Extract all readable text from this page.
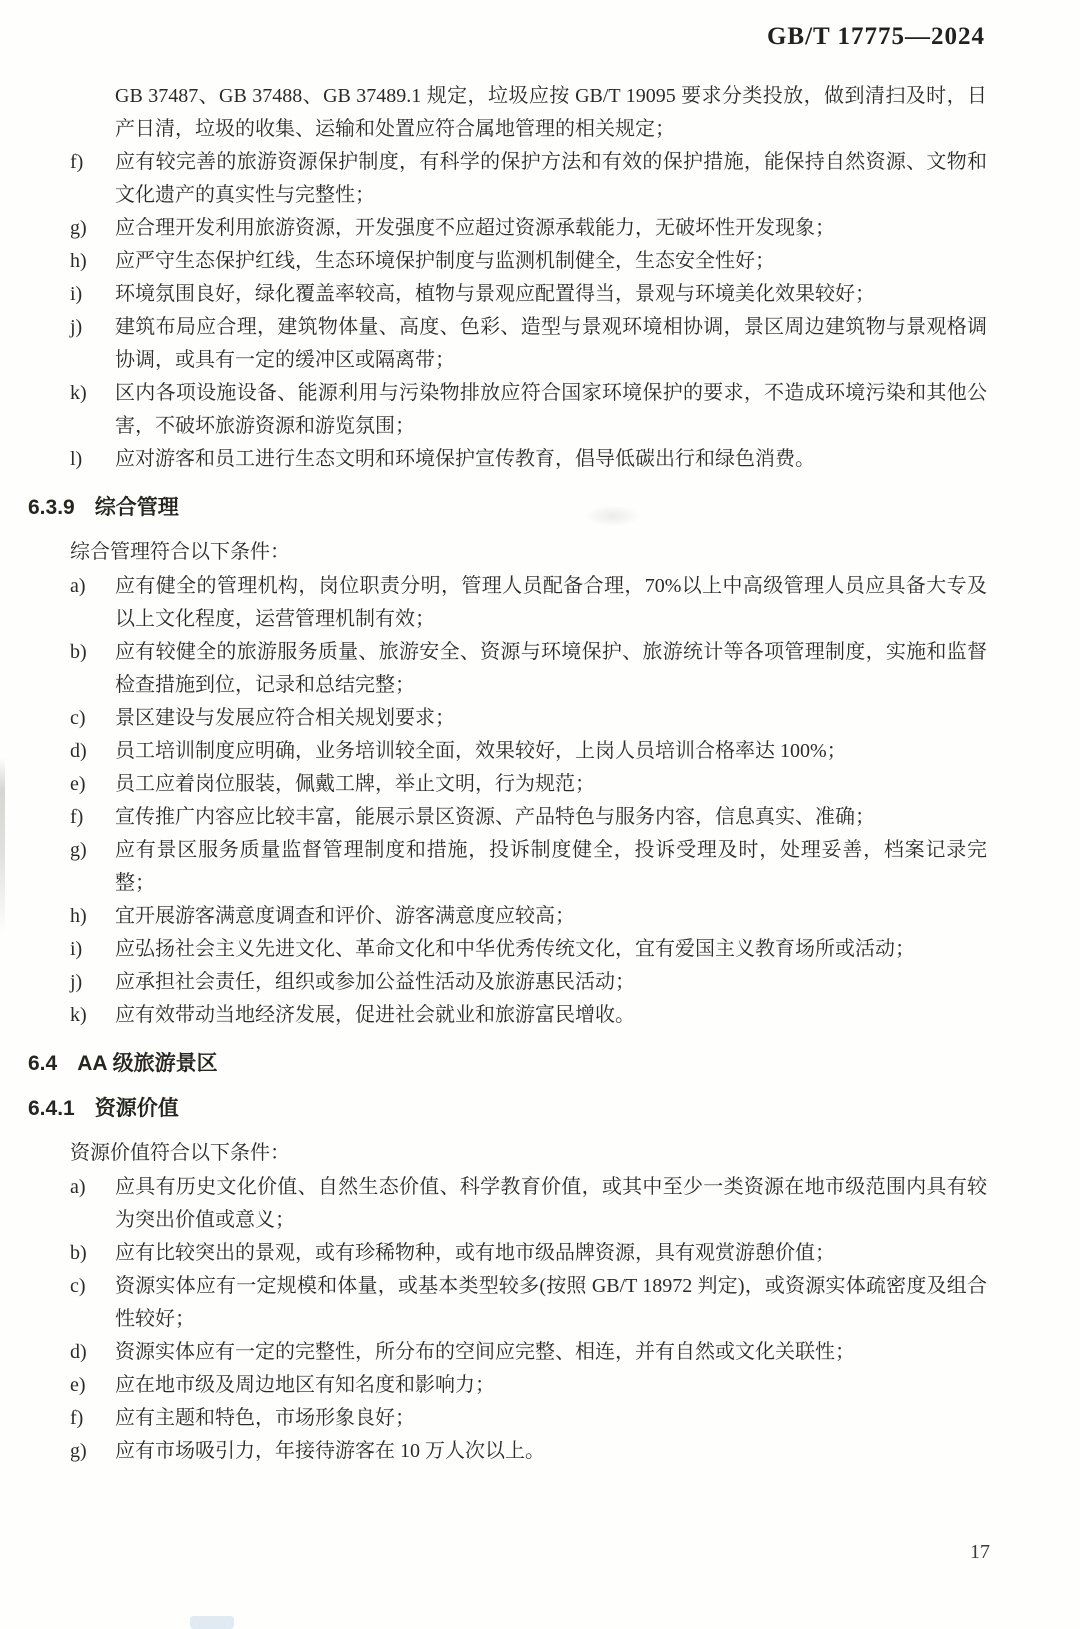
GB/T 17775—2024

GB 37487、GB 37488、GB 37489.1 规定，垃圾应按 GB/T 19095 要求分类投放，做到清扫及时，日产日清，垃圾的收集、运输和处置应符合属地管理的相关规定；

f)	应有较完善的旅游资源保护制度，有科学的保护方法和有效的保护措施，能保持自然资源、文物和文化遗产的真实性与完整性；
g)	应合理开发利用旅游资源，开发强度不应超过资源承载能力，无破坏性开发现象；
h)	应严守生态保护红线，生态环境保护制度与监测机制健全，生态安全性好；
i)	环境氛围良好，绿化覆盖率较高，植物与景观应配置得当，景观与环境美化效果较好；
j)	建筑布局应合理，建筑物体量、高度、色彩、造型与景观环境相协调，景区周边建筑物与景观格调协调，或具有一定的缓冲区或隔离带；
k)	区内各项设施设备、能源利用与污染物排放应符合国家环境保护的要求，不造成环境污染和其他公害，不破坏旅游资源和游览氛围；
l)	应对游客和员工进行生态文明和环境保护宣传教育，倡导低碳出行和绿色消费。
6.3.9 综合管理

综合管理符合以下条件：

a)	应有健全的管理机构，岗位职责分明，管理人员配备合理，70%以上中高级管理人员应具备大专及以上文化程度，运营管理机制有效；
b)	应有较健全的旅游服务质量、旅游安全、资源与环境保护、旅游统计等各项管理制度，实施和监督检查措施到位，记录和总结完整；
c)	景区建设与发展应符合相关规划要求；
d)	员工培训制度应明确，业务培训较全面，效果较好，上岗人员培训合格率达 100%；
e)	员工应着岗位服装，佩戴工牌，举止文明，行为规范；
f)	宣传推广内容应比较丰富，能展示景区资源、产品特色与服务内容，信息真实、准确；
g)	应有景区服务质量监督管理制度和措施，投诉制度健全，投诉受理及时，处理妥善，档案记录完整；
h)	宜开展游客满意度调查和评价、游客满意度应较高；
i)	应弘扬社会主义先进文化、革命文化和中华优秀传统文化，宜有爱国主义教育场所或活动；
j)	应承担社会责任，组织或参加公益性活动及旅游惠民活动；
k)	应有效带动当地经济发展，促进社会就业和旅游富民增收。
6.4 AA 级旅游景区
6.4.1 资源价值

资源价值符合以下条件：

a)	应具有历史文化价值、自然生态价值、科学教育价值，或其中至少一类资源在地市级范围内具有较为突出价值或意义；
b)	应有比较突出的景观，或有珍稀物种，或有地市级品牌资源，具有观赏游憩价值；
c)	资源实体应有一定规模和体量，或基本类型较多(按照 GB/T 18972 判定)，或资源实体疏密度及组合性较好；
d)	资源实体应有一定的完整性，所分布的空间应完整、相连，并有自然或文化关联性；
e)	应在地市级及周边地区有知名度和影响力；
f)	应有主题和特色，市场形象良好；
g)	应有市场吸引力，年接待游客在 10 万人次以上。
17
